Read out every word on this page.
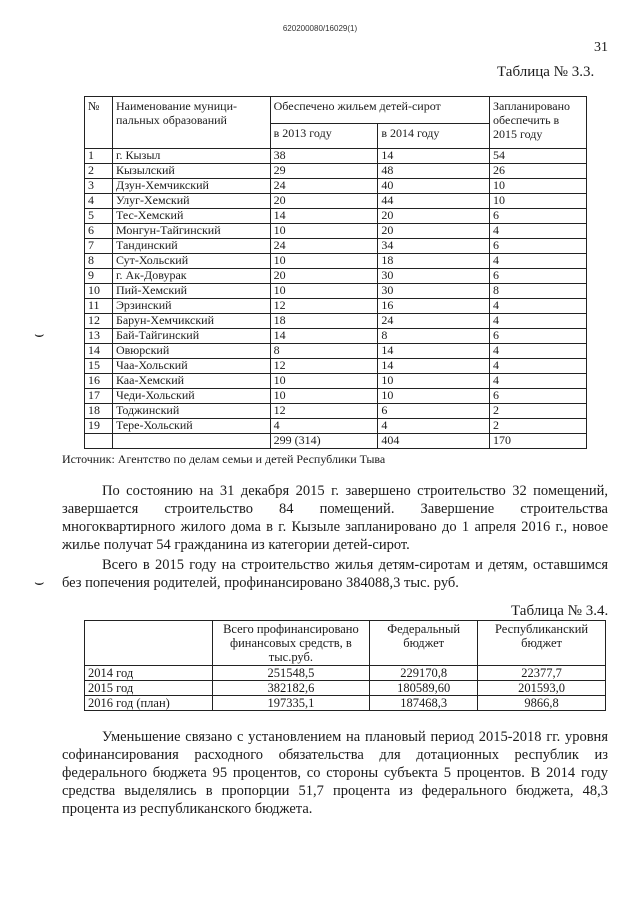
620200080/16029(1)
31
Таблица № 3.3.
№	Наименование муници-пальных образований	Обеспечено жильем детей-сирот		Запланировано обеспечить в 2015 году
		в 2013 году	в 2014 году	
1	г. Кызыл	38	14	54
2	Кызылский	29	48	26
3	Дзун-Хемчикский	24	40	10
4	Улуг-Хемский	20	44	10
5	Тес-Хемский	14	20	6
6	Монгун-Тайгинский	10	20	4
7	Тандинский	24	34	6
8	Сут-Хольский	10	18	4
9	г. Ак-Довурак	20	30	6
10	Пий-Хемский	10	30	8
11	Эрзинский	12	16	4
12	Барун-Хемчикский	18	24	4
13	Бай-Тайгинский	14	8	6
14	Овюрский	8	14	4
15	Чаа-Хольский	12	14	4
16	Каа-Хемский	10	10	4
17	Чеди-Хольский	10	10	6
18	Тоджинский	12	6	2
19	Тере-Хольский	4	4	2
		299 (314)	404	170
Источник: Агентство по делам семьи и детей Республики Тыва
⌣

По состоянию на 31 декабря 2015 г. завершено строительство 32 помещений, завершается строительство 84 помещений. Завершение строительства многоквартирного жилого дома в г. Кызыле запланировано до 1 апреля 2016 г., новое жилье получат 54 гражданина из категории детей-сирот.

Всего в 2015 году на строительство жилья детям-сиротам и детям, оставшимся без попечения родителей, профинансировано 384088,3 тыс. руб.

⌣
Таблица № 3.4.
	Всего профинансировано финансовых средств, в тыс.руб.	Федеральный бюджет	Республиканский бюджет
2014 год	251548,5	229170,8	22377,7
2015 год	382182,6	180589,60	201593,0
2016 год (план)	197335,1	187468,3	9866,8

Уменьшение связано с установлением на плановый период 2015-2018 гг. уровня софинансирования расходного обязательства для дотационных республик из федерального бюджета 95 процентов, со стороны субъекта 5 процентов. В 2014 году средства выделялись в пропорции 51,7 процента из федерального бюджета, 48,3 процента из республиканского бюджета.
